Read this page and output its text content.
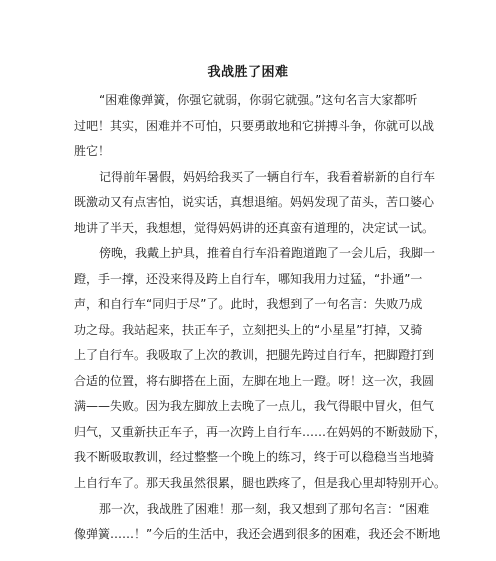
我战胜了困难

“困难像弹簧，你强它就弱，你弱它就强。”这句名言大家都听

过吧！其实，困难并不可怕，只要勇敢地和它拼搏斗争，你就可以战

胜它！

记得前年暑假，妈妈给我买了一辆自行车，我看着崭新的自行车

既激动又有点害怕，说实话，真想退缩。妈妈发现了苗头，苦口婆心

地讲了半天，我想想，觉得妈妈讲的还真蛮有道理的，决定试一试。

傍晚，我戴上护具，推着自行车沿着跑道跑了一会儿后，我脚一

蹬，手一撑，还没来得及跨上自行车，哪知我用力过猛，“扑通”一

声，和自行车“同归于尽”了。此时，我想到了一句名言：失败乃成

功之母。我站起来，扶正车子，立刻把头上的“小星星”打掉，又骑

上了自行车。我吸取了上次的教训，把腿先跨过自行车，把脚蹬打到

合适的位置，将右脚搭在上面，左脚在地上一蹬。呀！这一次，我圆

满——失败。因为我左脚放上去晚了一点儿，我气得眼中冒火，但气

归气，又重新扶正车子，再一次跨上自行车……在妈妈的不断鼓励下，

我不断吸取教训，经过整整一个晚上的练习，终于可以稳稳当当地骑

上自行车了。那天我虽然很累，腿也跌疼了，但是我心里却特别开心。

那一次，我战胜了困难！那一刻，我又想到了那句名言：“困难

像弹簧……！”今后的生活中，我还会遇到很多的困难，我还会不断地
